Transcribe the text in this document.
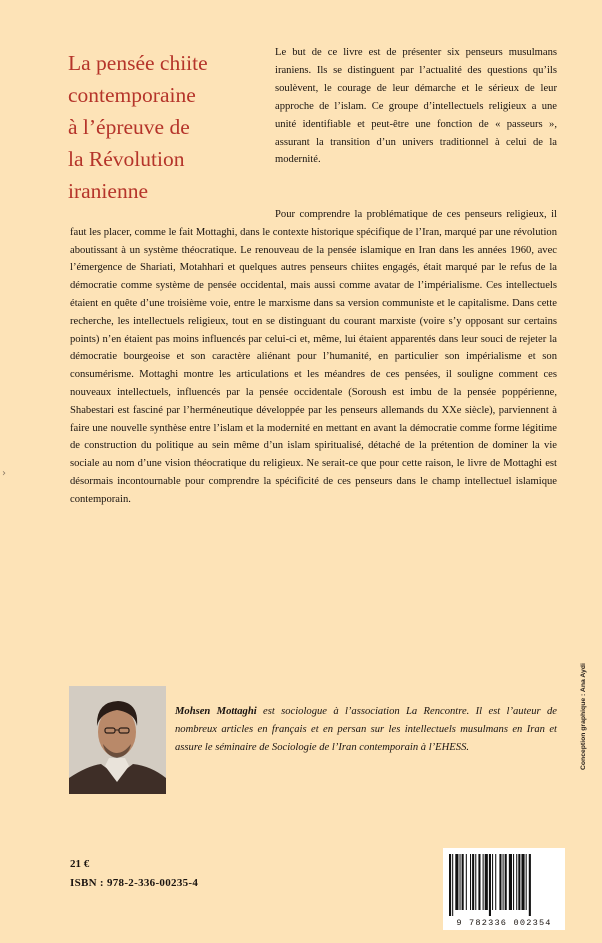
La pensée chiite
contemporaine
à l’épreuve de
la Révolution
iranienne

Le but de ce livre est de présenter six penseurs musulmans iraniens. Ils se distinguent par l’actualité des questions qu’ils soulèvent, le courage de leur démarche et le sérieux de leur approche de l’islam. Ce groupe d’intellectuels religieux a une unité identifiable et peut-être une fonction de « passeurs », assurant la transition d’un univers traditionnel à celui de la modernité.

Pour comprendre la problématique de ces penseurs religieux, il faut les placer, comme le fait Mottaghi, dans le contexte historique spécifique de l’Iran, marqué par une révolution aboutissant à un système théocratique. Le renouveau de la pensée islamique en Iran dans les années 1960, avec l’émergence de Shariati, Motahhari et quelques autres penseurs chiites engagés, était marqué par le refus de la démocratie comme système de pensée occidental, mais aussi comme avatar de l’impérialisme. Ces intellectuels étaient en quête d’une troisième voie, entre le marxisme dans sa version communiste et le capitalisme. Dans cette recherche, les intellectuels religieux, tout en se distinguant du courant marxiste (voire s’y opposant sur certains points) n’en étaient pas moins influencés par celui-ci et, même, lui étaient apparentés dans leur souci de rejeter la démocratie bourgeoise et son caractère aliénant pour l’humanité, en particulier son impérialisme et son consumérisme. Mottaghi montre les articulations et les méandres de ces pensées, il souligne comment ces nouveaux intellectuels, influencés par la pensée occidentale (Soroush est imbu de la pensée poppérienne, Shabestari est fasciné par l’herméneutique développée par les penseurs allemands du XXe siècle), parviennent à faire une nouvelle synthèse entre l’islam et la modernité en mettant en avant la démocratie comme forme légitime de construction du politique au sein même d’un islam spiritualisé, détaché de la prétention de dominer la vie sociale au nom d’une vision théocratique du religieux. Ne serait-ce que pour cette raison, le livre de Mottaghi est désormais incontournable pour comprendre la spécificité de ces penseurs dans le champ intellectuel islamique contemporain.

Mohsen Mottaghi est sociologue à l’association La Rencontre. Il est l’auteur de nombreux articles en français et en persan sur les intellectuels musulmans en Iran et assure le séminaire de Sociologie de l’Iran contemporain à l’EHESS.	Conception graphique : Ana Aydi
21 €
ISBN : 978-2-336-00235-4
9 782336 002354
›
